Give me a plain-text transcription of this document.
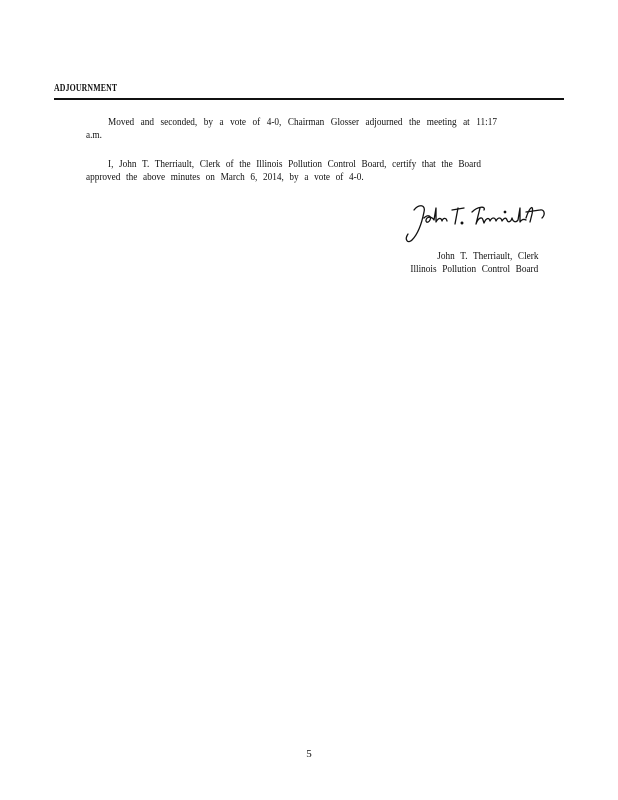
ADJOURNMENT
Moved and seconded, by a vote of 4-0, Chairman Glosser adjourned the meeting at 11:17
a.m.
I, John T. Therriault, Clerk of the Illinois Pollution Control Board, certify that the Board
approved the above minutes on March 6, 2014, by a vote of 4-0.
John T. Therriault, Clerk
Illinois Pollution Control Board
5
